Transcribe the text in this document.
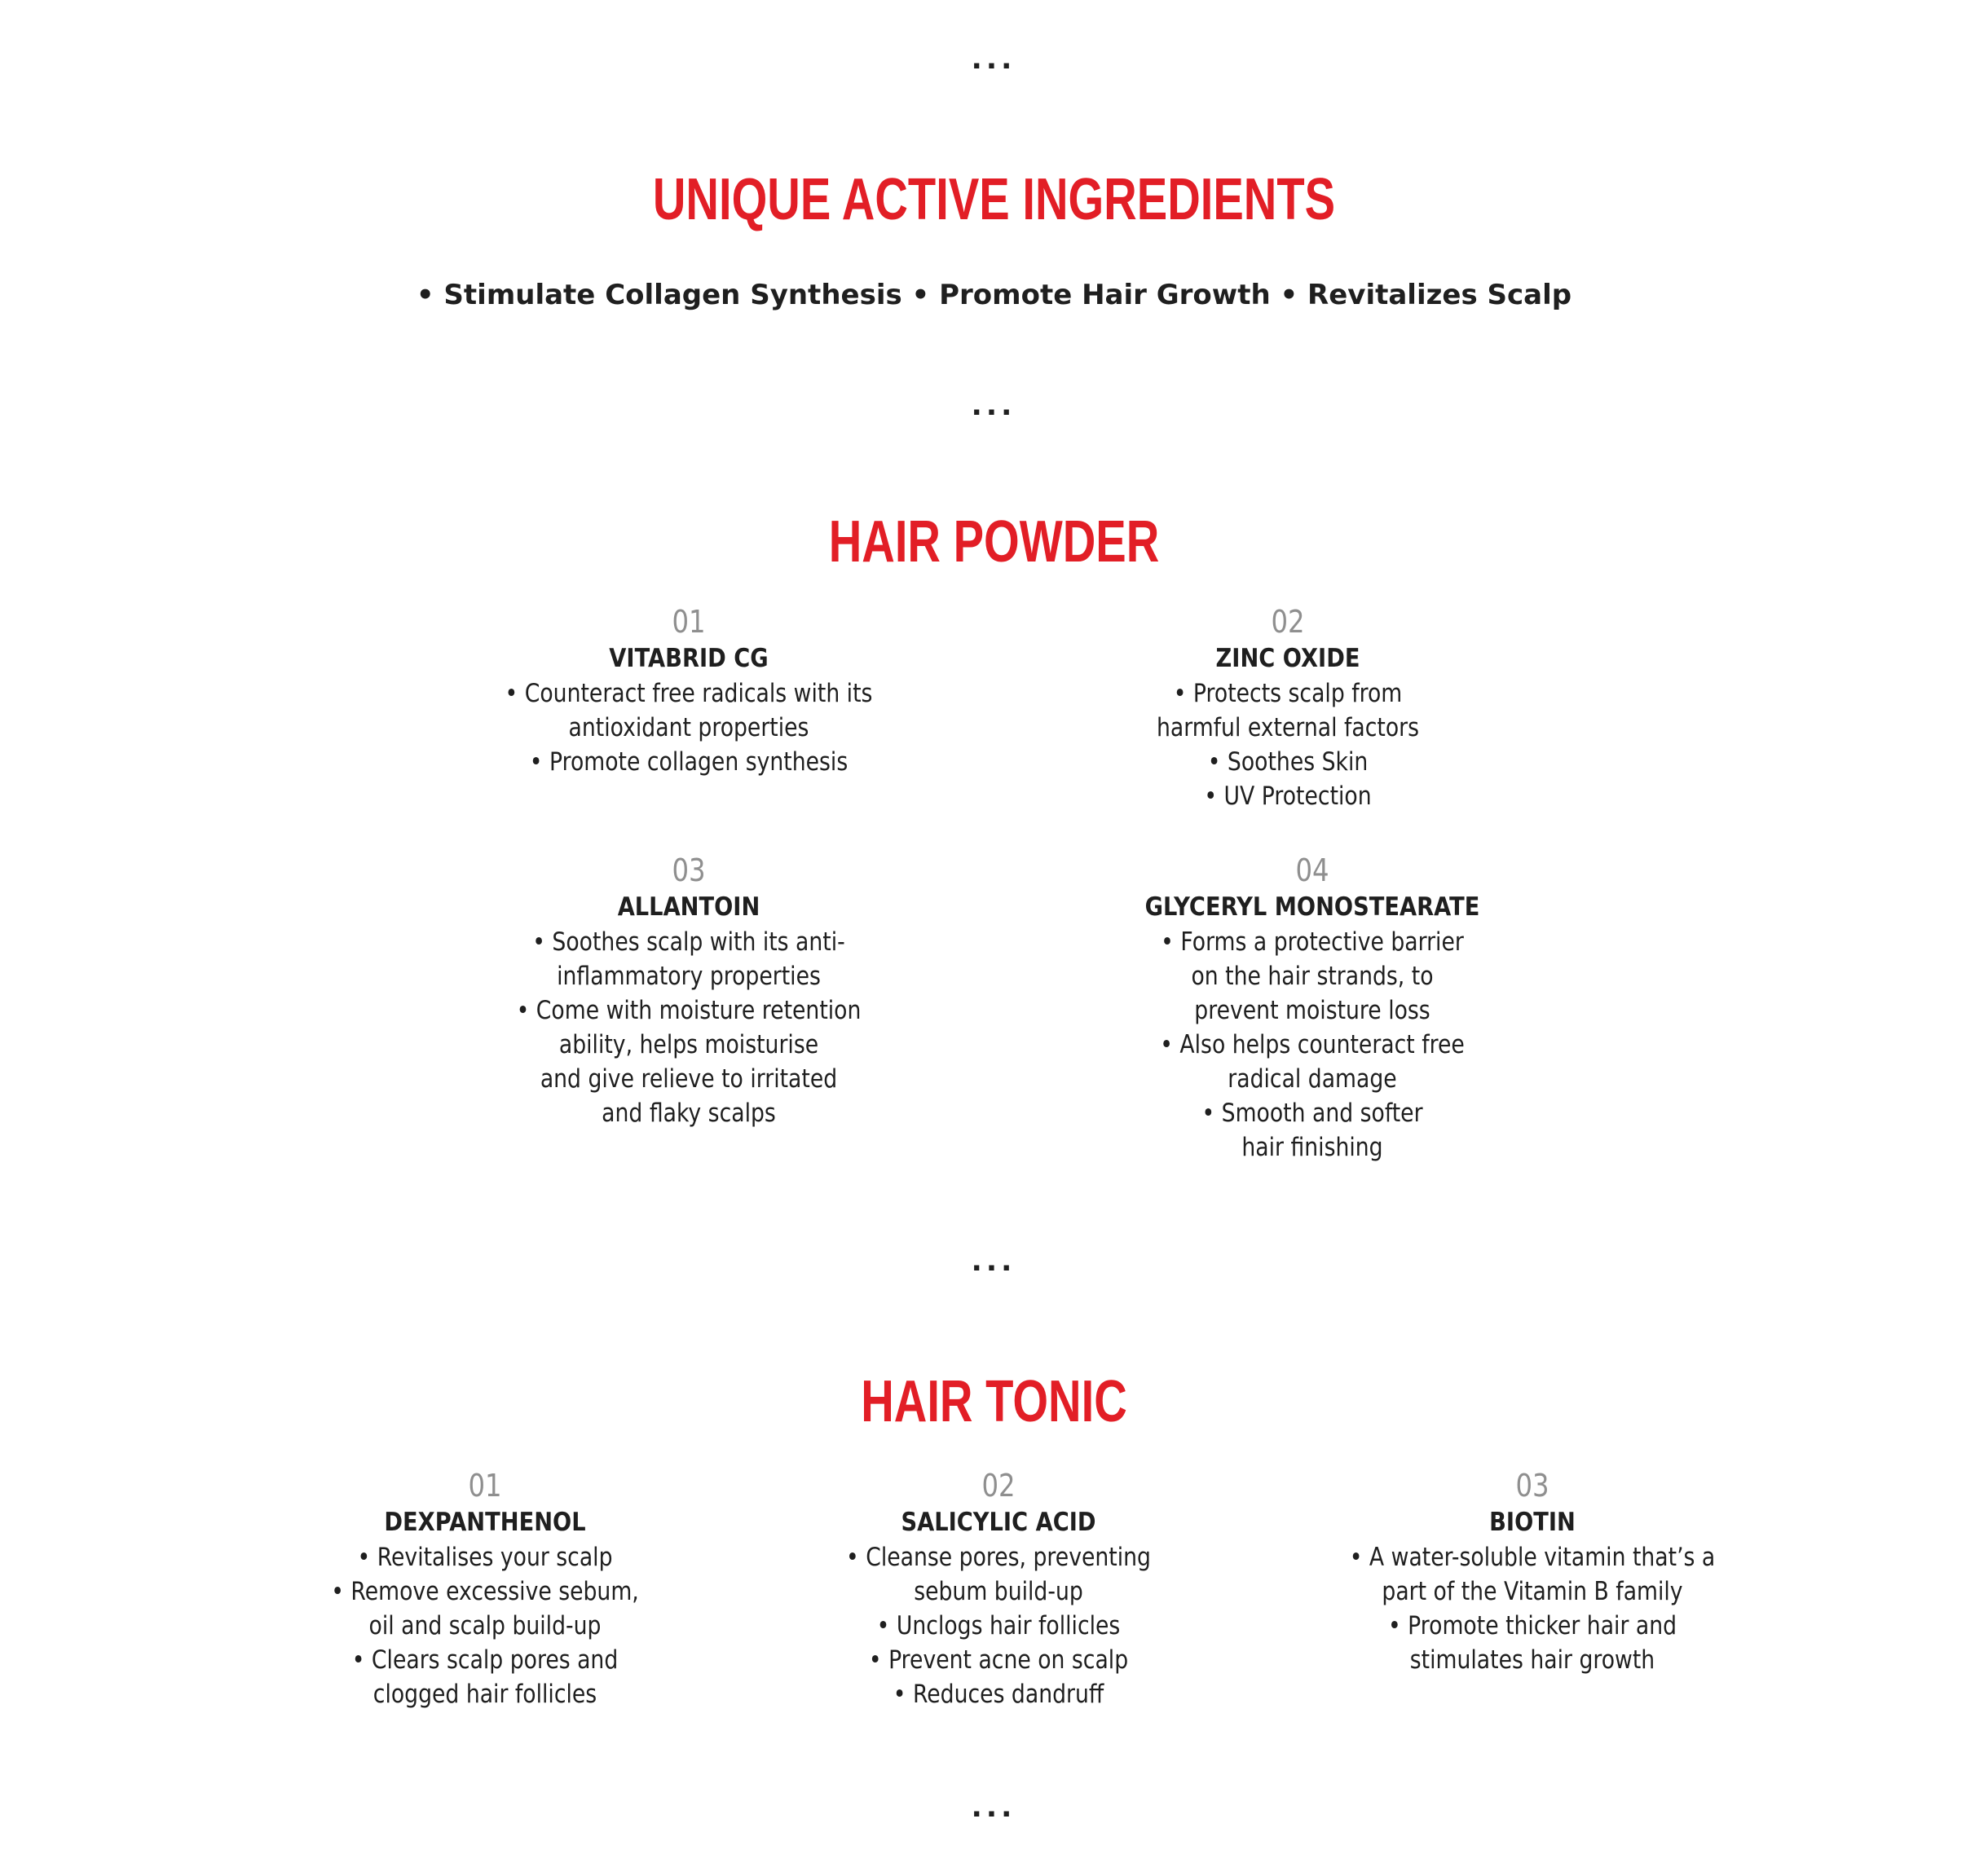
...
UNIQUE ACTIVE INGREDIENTS
• Stimulate Collagen Synthesis • Promote Hair Growth • Revitalizes Scalp
...
HAIR POWDER
01
VITABRID CG
• Counteract free radicals with its
antioxidant properties
• Promote collagen synthesis
02
ZINC OXIDE
• Protects scalp from
harmful external factors
• Soothes Skin
• UV Protection
03
ALLANTOIN
• Soothes scalp with its anti-
inflammatory properties
• Come with moisture retention
ability, helps moisturise
and give relieve to irritated
and flaky scalps
04
GLYCERYL MONOSTEARATE
• Forms a protective barrier
on the hair strands, to
prevent moisture loss
• Also helps counteract free
radical damage
• Smooth and softer
hair finishing
...
HAIR TONIC
01
DEXPANTHENOL
• Revitalises your scalp
• Remove excessive sebum,
oil and scalp build-up
• Clears scalp pores and
clogged hair follicles
02
SALICYLIC ACID
• Cleanse pores, preventing
sebum build-up
• Unclogs hair follicles
• Prevent acne on scalp
• Reduces dandruff
03
BIOTIN
• A water-soluble vitamin that’s a
part of the Vitamin B family
• Promote thicker hair and
stimulates hair growth
...
